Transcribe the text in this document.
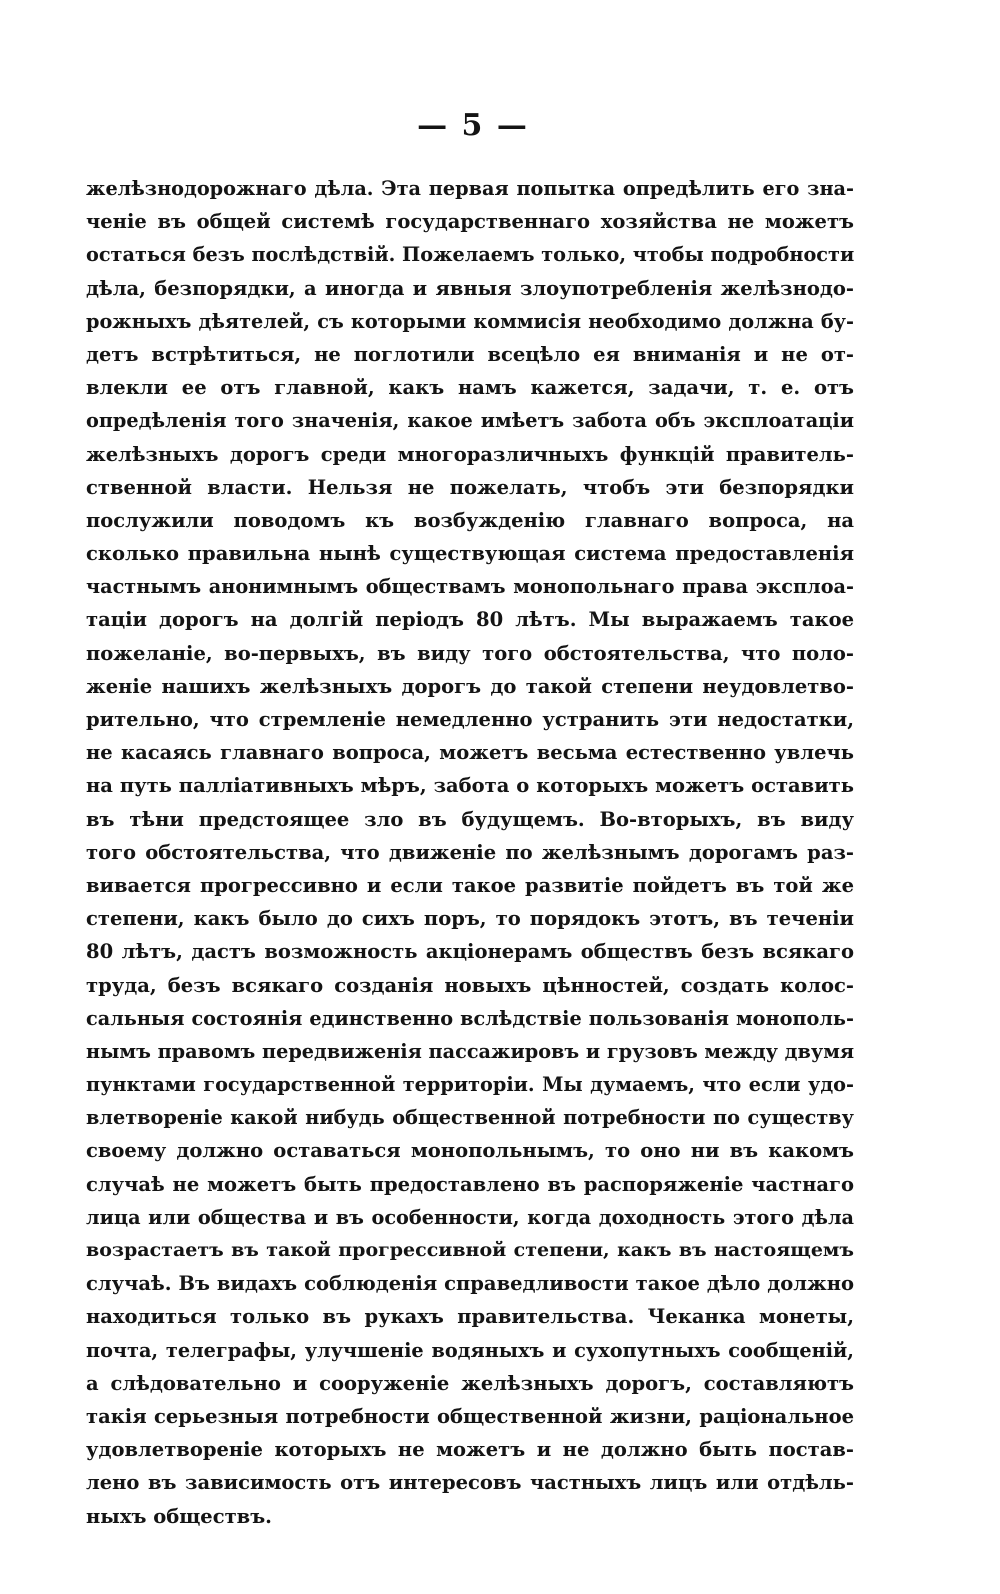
— 5 —
желѣзнодорожнаго дѣла. Эта первая попытка опредѣлить его зна-
ченіе въ общей системѣ государственнаго хозяйства не можетъ
остаться безъ послѣдствій. Пожелаемъ только, чтобы подробности
дѣла, безпорядки, а иногда и явныя злоупотребленія желѣзнодо-
рожныхъ дѣятелей, съ которыми коммисія необходимо должна бу-
детъ встрѣтиться, не поглотили всецѣло ея вниманія и не от-
влекли ее отъ главной, какъ намъ кажется, задачи, т. е. отъ
опредѣленія того значенія, какое имѣетъ забота объ эксплоатаціи
желѣзныхъ дорогъ среди многоразличныхъ функцій правитель-
ственной власти. Нельзя не пожелать, чтобъ эти безпорядки
послужили поводомъ къ возбужденію главнаго вопроса, на
сколько правильна нынѣ существующая система предоставленія
частнымъ анонимнымъ обществамъ монопольнаго права эксплоа-
таціи дорогъ на долгій періодъ 80 лѣтъ. Мы выражаемъ такое
пожеланіе, во-первыхъ, въ виду того обстоятельства, что поло-
женіе нашихъ желѣзныхъ дорогъ до такой степени неудовлетво-
рительно, что стремленіе немедленно устранить эти недостатки,
не касаясь главнаго вопроса, можетъ весьма естественно увлечь
на путь палліативныхъ мѣръ, забота о которыхъ можетъ оставить
въ тѣни предстоящее зло въ будущемъ. Во-вторыхъ, въ виду
того обстоятельства, что движеніе по желѣзнымъ дорогамъ раз-
вивается прогрессивно и если такое развитіе пойдетъ въ той же
степени, какъ было до сихъ поръ, то порядокъ этотъ, въ теченіи
80 лѣтъ, дастъ возможность акціонерамъ обществъ безъ всякаго
труда, безъ всякаго созданія новыхъ цѣнностей, создать колос-
сальныя состоянія единственно вслѣдствіе пользованія монополь-
нымъ правомъ передвиженія пассажировъ и грузовъ между двумя
пунктами государственной территоріи. Мы думаемъ, что если удо-
влетвореніе какой нибудь общественной потребности по существу
своему должно оставаться монопольнымъ, то оно ни въ какомъ
случаѣ не можетъ быть предоставлено въ распоряженіе частнаго
лица или общества и въ особенности, когда доходность этого дѣла
возрастаетъ въ такой прогрессивной степени, какъ въ настоящемъ
случаѣ. Въ видахъ соблюденія справедливости такое дѣло должно
находиться только въ рукахъ правительства. Чеканка монеты,
почта, телеграфы, улучшеніе водяныхъ и сухопутныхъ сообщеній,
а слѣдовательно и сооруженіе желѣзныхъ дорогъ, составляютъ
такія серьезныя потребности общественной жизни, раціональное
удовлетвореніе которыхъ не можетъ и не должно быть постав-
лено въ зависимость отъ интересовъ частныхъ лицъ или отдѣль-
ныхъ обществъ.
